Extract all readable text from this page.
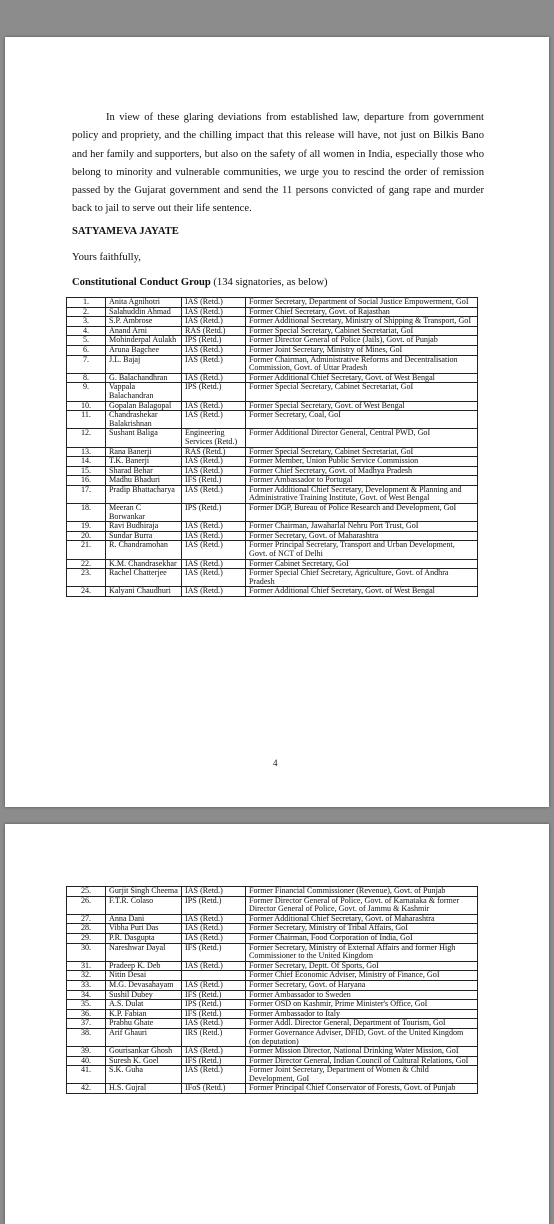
In view of these glaring deviations from established law, departure from government policy and propriety, and the chilling impact that this release will have, not just on Bilkis Bano and her family and supporters, but also on the safety of all women in India, especially those who belong to minority and vulnerable communities, we urge you to rescind the order of remission passed by the Gujarat government and send the 11 persons convicted of gang rape and murder back to jail to serve out their life sentence.

SATYAMEVA JAYATE
Yours faithfully,
Constitutional Conduct Group (134 signatories, as below)
1.	Anita Agnihotri	IAS (Retd.)	Former Secretary, Department of Social Justice Empowerment, GoI
2.	Salahuddin Ahmad	IAS (Retd.)	Former Chief Secretary, Govt. of Rajasthan
3.	S.P. Ambrose	IAS (Retd.)	Former Additional Secretary, Ministry of Shipping & Transport, GoI
4.	Anand Arni	RAS (Retd.)	Former Special Secretary, Cabinet Secretariat, GoI
5.	Mohinderpal Aulakh	IPS (Retd.)	Former Director General of Police (Jails), Govt. of Punjab
6.	Aruna Bagchee	IAS (Retd.)	Former Joint Secretary, Ministry of Mines, GoI
7.	J.L. Bajaj	IAS (Retd.)	Former Chairman, Administrative Reforms and Decentralisation Commission, Govt. of Uttar Pradesh
8.	G. Balachandhran	IAS (Retd.)	Former Additional Chief Secretary, Govt. of West Bengal
9.	Vappala Balachandran	IPS (Retd.)	Former Special Secretary, Cabinet Secretariat, GoI
10.	Gopalan Balagopal	IAS (Retd.)	Former Special Secretary, Govt. of West Bengal
11.	Chandrashekar Balakrishnan	IAS (Retd.)	Former Secretary, Coal, GoI
12.	Sushant Baliga	Engineering Services (Retd.)	Former Additional Director General, Central PWD, GoI
13.	Rana Banerji	RAS (Retd.)	Former Special Secretary, Cabinet Secretariat, GoI
14.	T.K. Banerji	IAS (Retd.)	Former Member, Union Public Service Commission
15.	Sharad Behar	IAS (Retd.)	Former Chief Secretary, Govt. of Madhya Pradesh
16.	Madhu Bhaduri	IFS (Retd.)	Former Ambassador to Portugal
17.	Pradip Bhattacharya	IAS (Retd.)	Former Additional Chief Secretary, Development & Planning and Administrative Training Institute, Govt. of West Bengal
18.	Meeran C Borwankar	IPS (Retd.)	Former DGP, Bureau of Police Research and Development, GoI
19.	Ravi Budhiraja	IAS (Retd.)	Former Chairman, Jawaharlal Nehru Port Trust, GoI
20.	Sundar Burra	IAS (Retd.)	Former Secretary, Govt. of Maharashtra
21.	R. Chandramohan	IAS (Retd.)	Former Principal Secretary, Transport and Urban Development, Govt. of NCT of Delhi
22.	K.M. Chandrasekhar	IAS (Retd.)	Former Cabinet Secretary, GoI
23.	Rachel Chatterjee	IAS (Retd.)	Former Special Chief Secretary, Agriculture, Govt. of Andhra Pradesh
24.	Kalyani Chaudhuri	IAS (Retd.)	Former Additional Chief Secretary, Govt. of West Bengal
4
25.	Gurjit Singh Cheema	IAS (Retd.)	Former Financial Commissioner (Revenue), Govt. of Punjab
26.	F.T.R. Colaso	IPS (Retd.)	Former Director General of Police, Govt. of Karnataka & former Director General of Police, Govt. of Jammu & Kashmir
27.	Anna Dani	IAS (Retd.)	Former Additional Chief Secretary, Govt. of Maharashtra
28.	Vibha Puri Das	IAS (Retd.)	Former Secretary, Ministry of Tribal Affairs, GoI
29.	P.R. Dasgupta	IAS (Retd.)	Former Chairman, Food Corporation of India, GoI
30.	Nareshwar Dayal	IFS (Retd.)	Former Secretary, Ministry of External Affairs and former High Commissioner to the United Kingdom
31.	Pradeep K. Deb	IAS (Retd.)	Former Secretary, Deptt. Of Sports, GoI
32.	Nitin Desai		Former Chief Economic Adviser, Ministry of Finance, GoI
33.	M.G. Devasahayam	IAS (Retd.)	Former Secretary, Govt. of Haryana
34.	Sushil Dubey	IFS (Retd.)	Former Ambassador to Sweden
35.	A.S. Dulat	IPS (Retd.)	Former OSD on Kashmir, Prime Minister's Office, GoI
36.	K.P. Fabian	IFS (Retd.)	Former Ambassador to Italy
37.	Prabhu Ghate	IAS (Retd.)	Former Addl. Director General, Department of Tourism, GoI
38.	Arif Ghauri	IRS (Retd.)	Former Governance Adviser, DFID, Govt. of the United Kingdom (on deputation)
39.	Gourisankar Ghosh	IAS (Retd.)	Former Mission Director, National Drinking Water Mission, GoI
40.	Suresh K. Goel	IFS (Retd.)	Former Director General, Indian Council of Cultural Relations, GoI
41.	S.K. Guha	IAS (Retd.)	Former Joint Secretary, Department of Women & Child Development, GoI
42.	H.S. Gujral	IFoS (Retd.)	Former Principal Chief Conservator of Forests, Govt. of Punjab
